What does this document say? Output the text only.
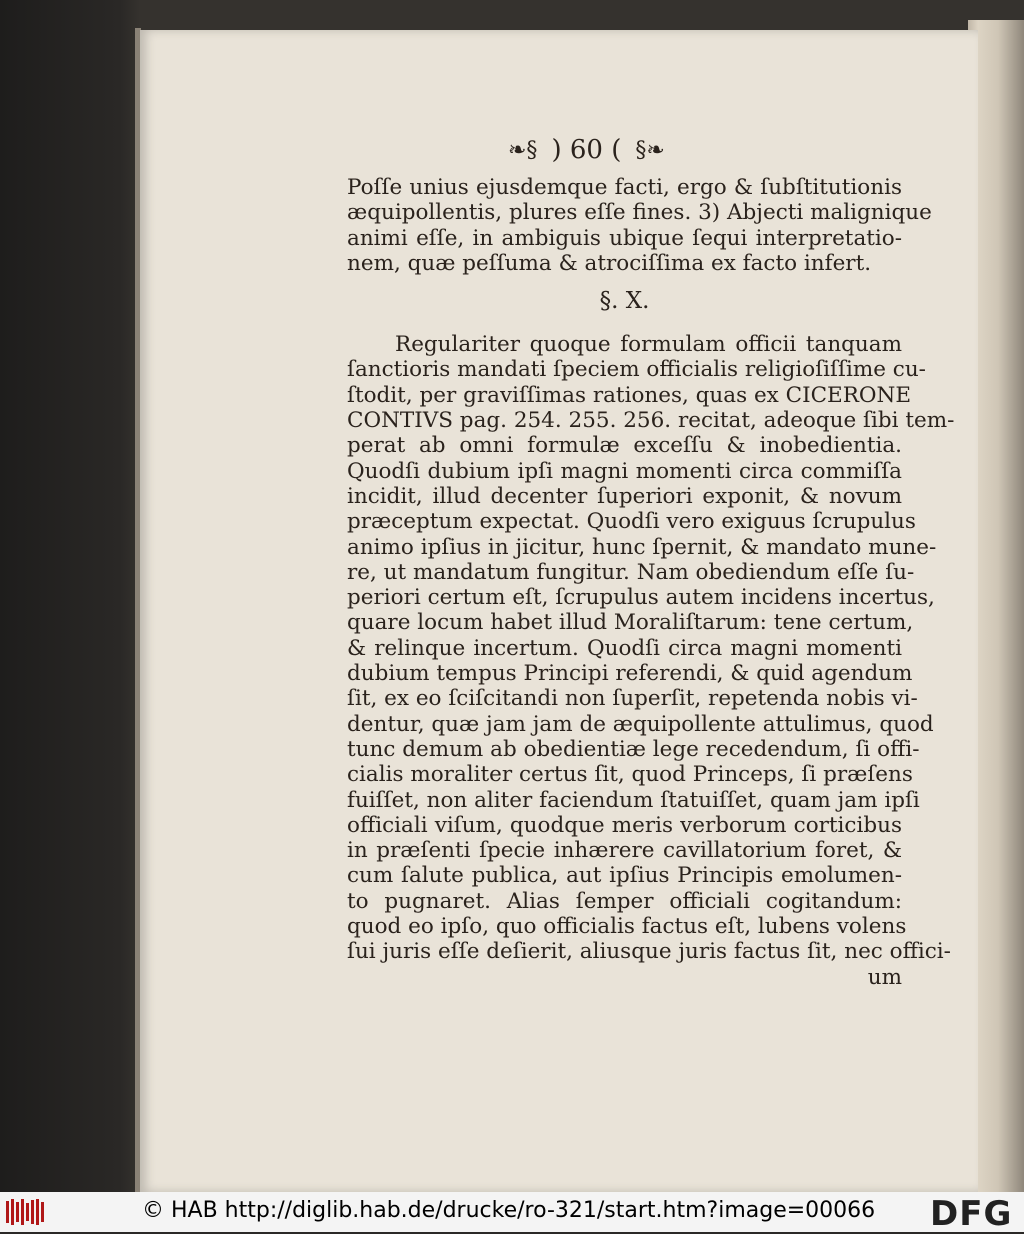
❧§ ) 60 ( §❧
Poſſe unius ejusdemque facti, ergo & ſubſtitutionis
æquipollentis, plures eſſe fines. 3) Abjecti malignique
animi eſſe, in ambiguis ubique ſequi interpretatio-
nem, quæ peſſuma & atrociſſima ex facto infert.
§. X.
Regulariter quoque formulam officii tanquam
ſanctioris mandati ſpeciem officialis religioſiſſime cu-
ſtodit, per graviſſimas rationes, quas ex CICERONE
CONTIVS pag. 254. 255. 256. recitat, adeoque ſibi tem-
perat ab omni formulæ exceſſu & inobedientia.
Quodſi dubium ipſi magni momenti circa commiſſa
incidit, illud decenter ſuperiori exponit, & novum
præceptum expectat. Quodſi vero exiguus ſcrupulus
animo ipſius in jicitur, hunc ſpernit, & mandato mune-
re, ut mandatum fungitur. Nam obediendum eſſe ſu-
periori certum eſt, ſcrupulus autem incidens incertus,
quare locum habet illud Moraliſtarum: tene certum,
& relinque incertum. Quodſi circa magni momenti
dubium tempus Principi referendi, & quid agendum
ſit, ex eo ſciſcitandi non ſuperſit, repetenda nobis vi-
dentur, quæ jam jam de æquipollente attulimus, quod
tunc demum ab obedientiæ lege recedendum, ſi offi-
cialis moraliter certus ſit, quod Princeps, ſi præſens
fuiſſet, non aliter faciendum ſtatuiſſet, quam jam ipſi
officiali viſum, quodque meris verborum corticibus
in præſenti ſpecie inhærere cavillatorium foret, &
cum ſalute publica, aut ipſius Principis emolumen-
to pugnaret. Alias ſemper officiali cogitandum:
quod eo ipſo, quo officialis factus eſt, lubens volens
ſui juris eſſe deſierit, aliusque juris factus ſit, nec offici-
um
© HAB http://diglib.hab.de/drucke/ro-321/start.htm?image=00066 DFG
